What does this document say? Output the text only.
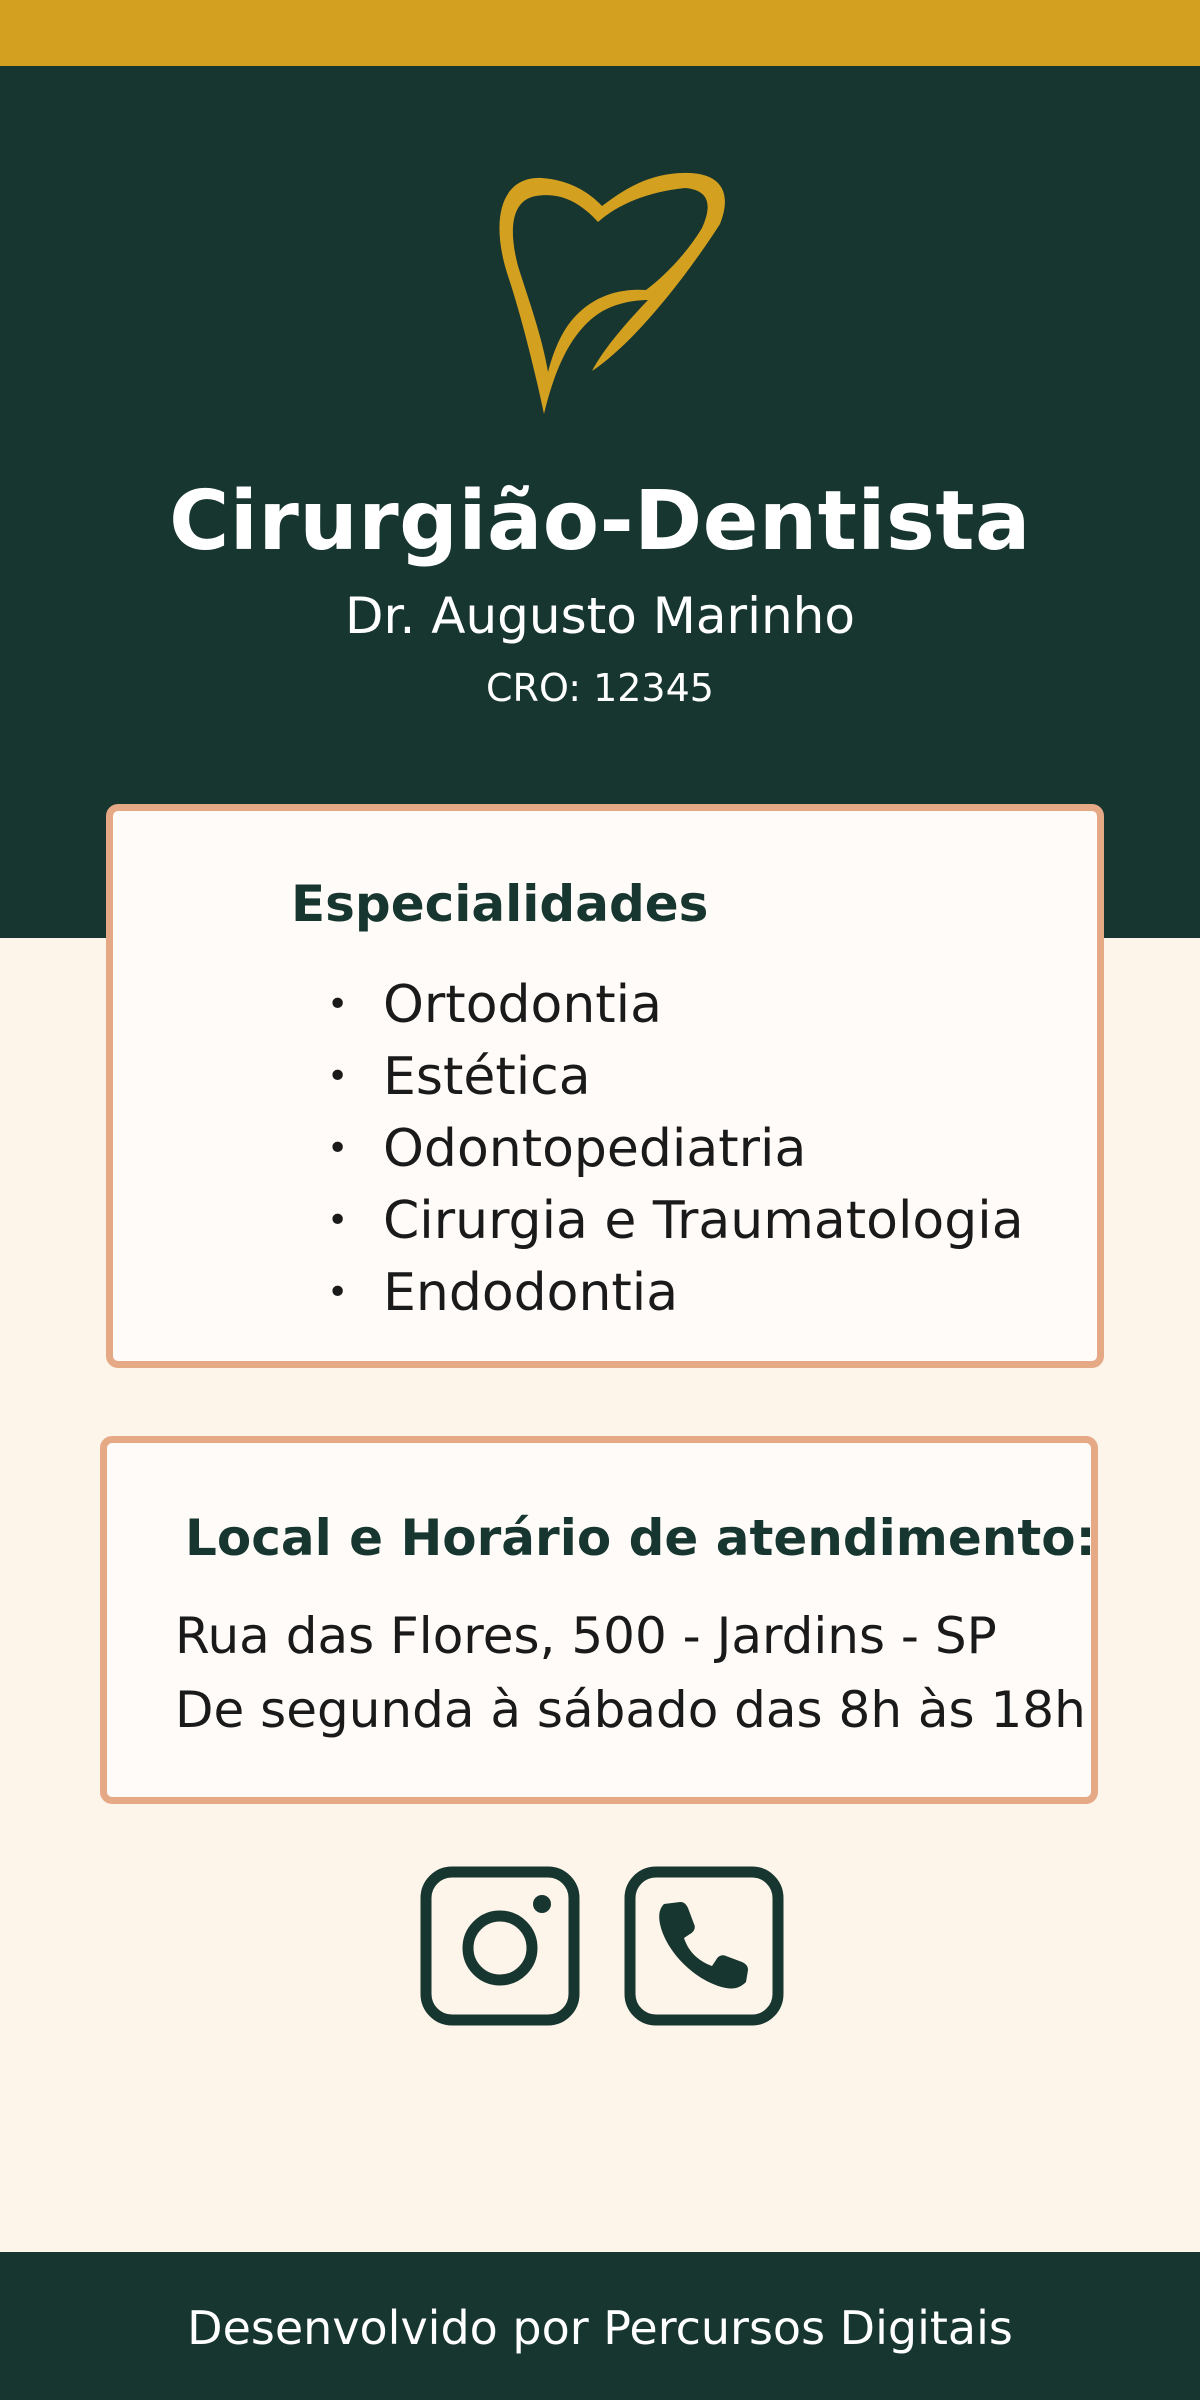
Cirurgião-Dentista
Dr. Augusto Marinho
CRO: 12345
Especialidades
• Ortodontia
• Estética
• Odontopediatria
• Cirurgia e Traumatologia
• Endodontia
Local e Horário de atendimento:
Rua das Flores, 500 - Jardins - SP
De segunda à sábado das 8h às 18h
Desenvolvido por Percursos Digitais
